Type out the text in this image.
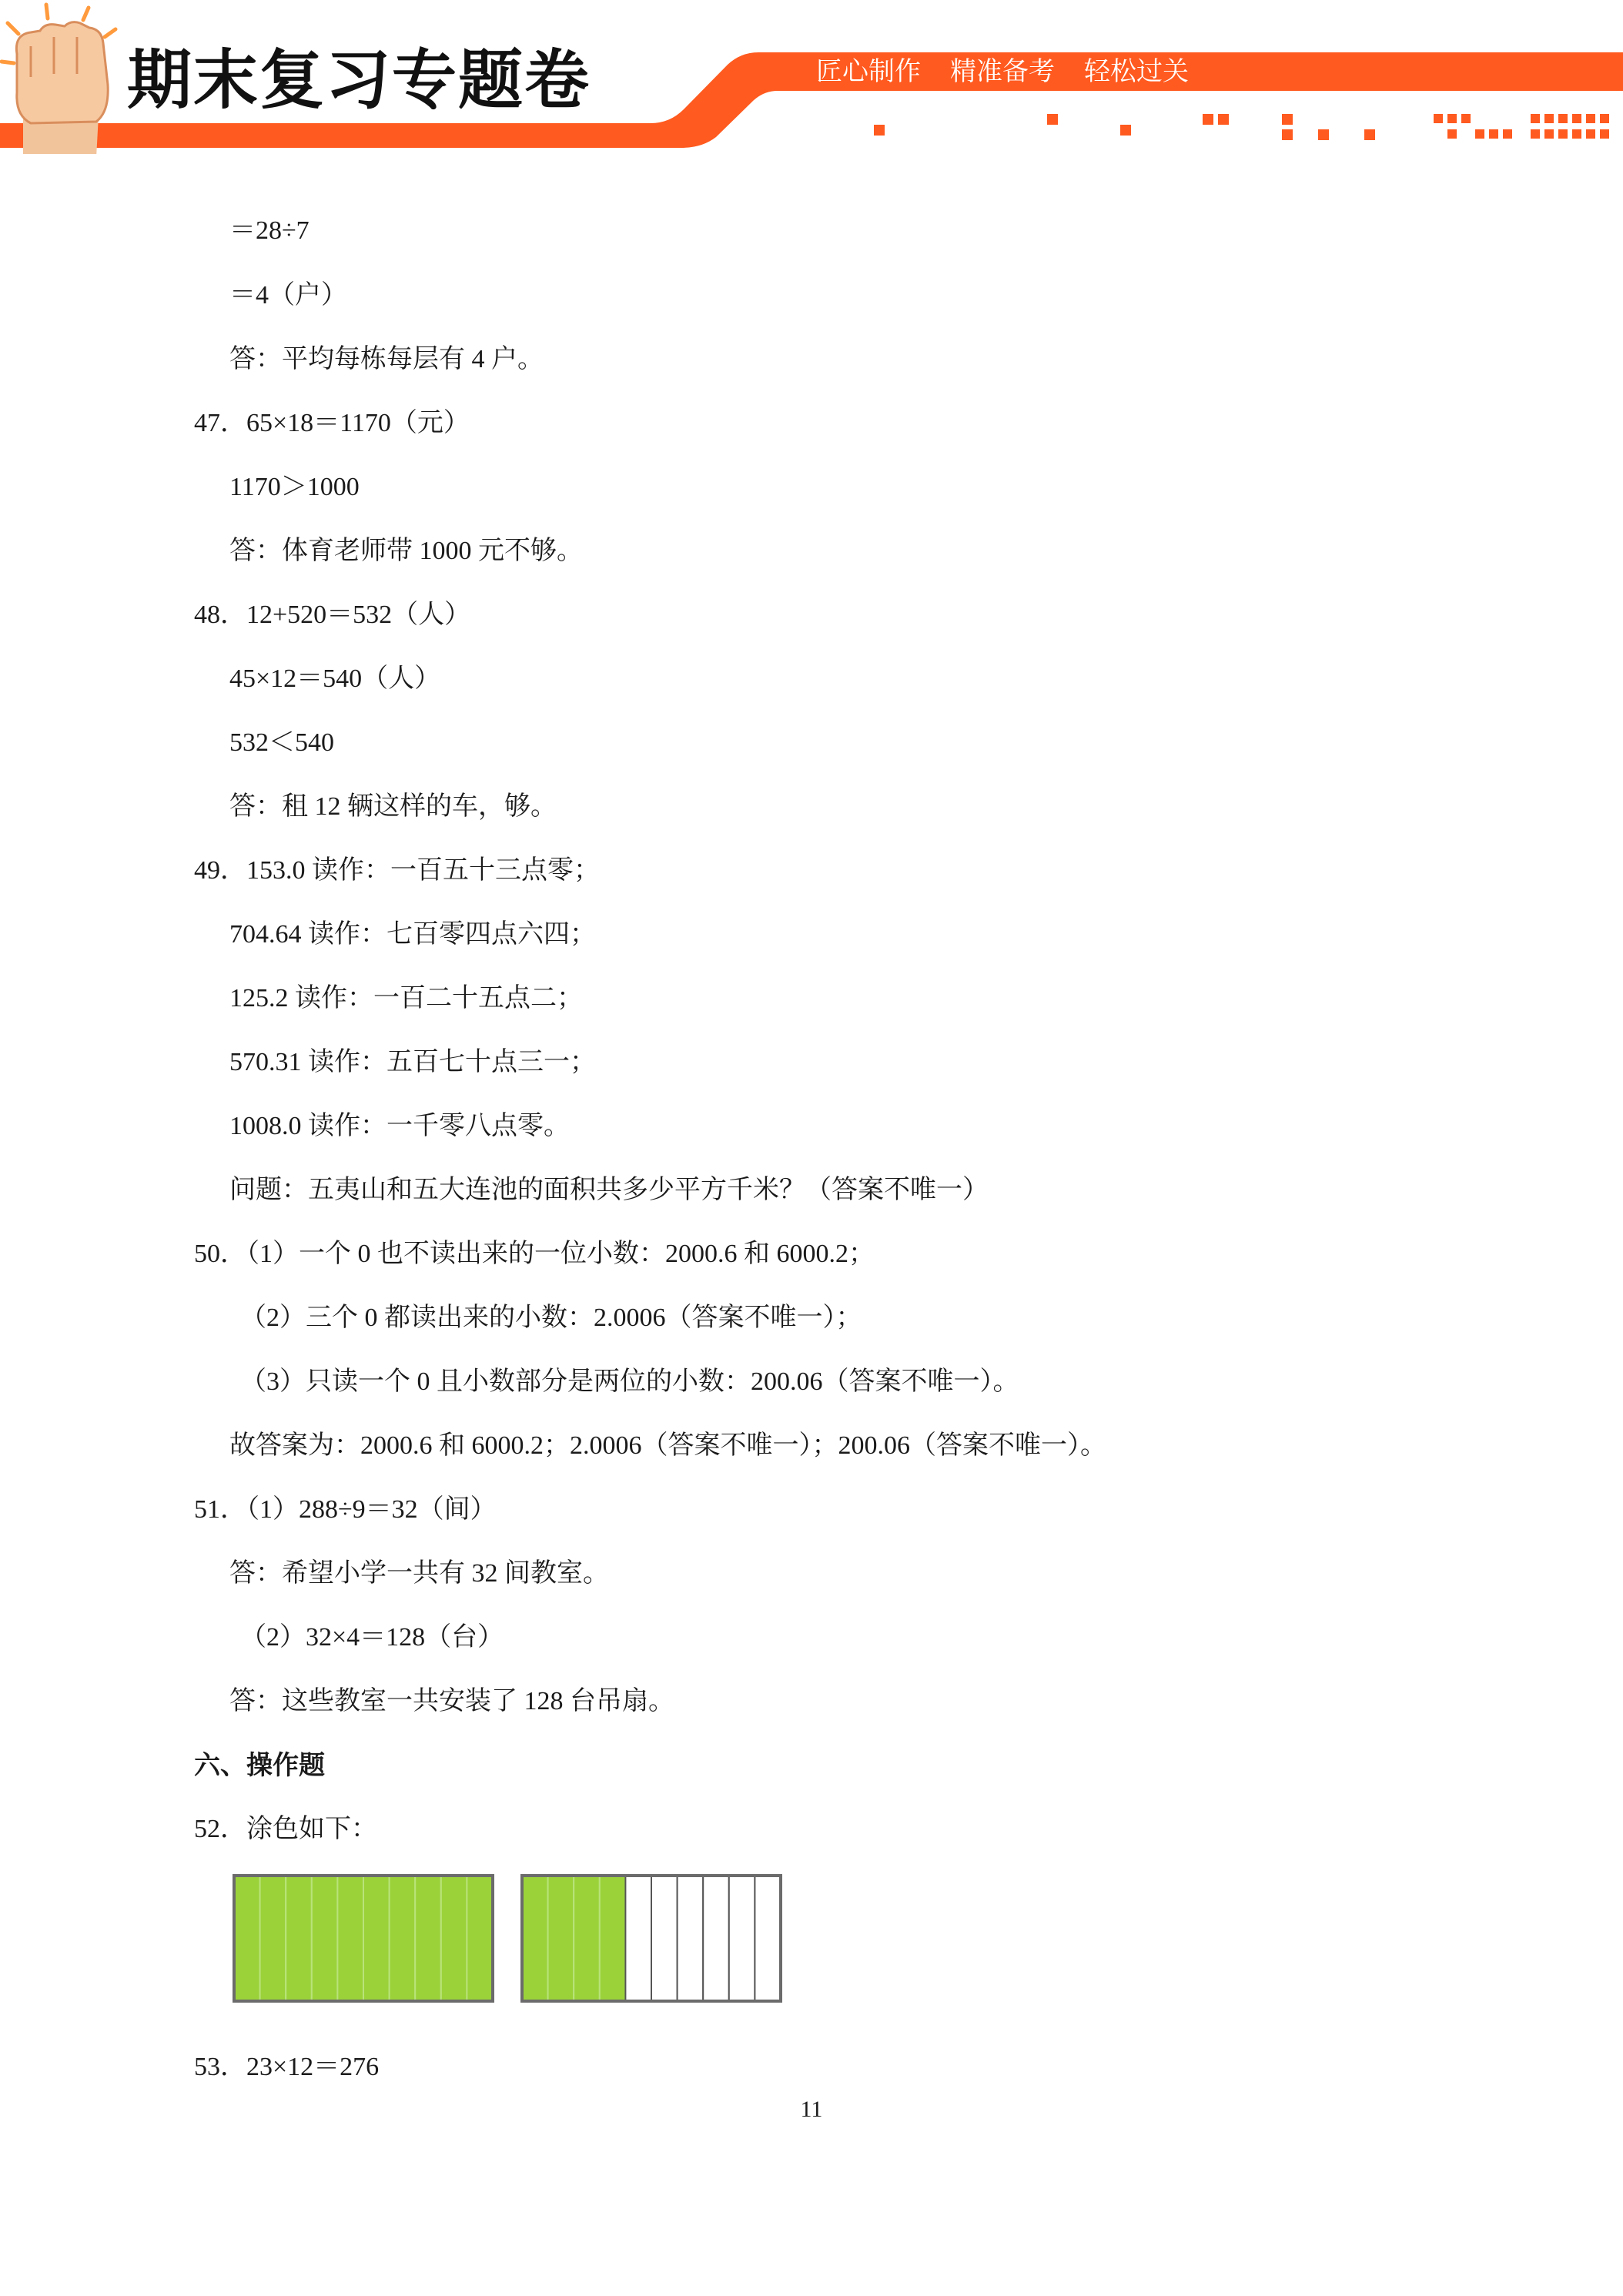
期末复习专题卷	匠心制作 精准备考 轻松过关
＝28÷7
＝4（户）
答：平均每栋每层有 4 户。
47．65×18＝1170（元）
1170＞1000
答：体育老师带 1000 元不够。
48．12+520＝532（人）
45×12＝540（人）
532＜540
答：租 12 辆这样的车，够。
49．153.0 读作：一百五十三点零；
704.64 读作：七百零四点六四；
125.2 读作：一百二十五点二；
570.31 读作：五百七十点三一；
1008.0 读作：一千零八点零。
问题：五夷山和五大连池的面积共多少平方千米？（答案不唯一）
50．（1）一个 0 也不读出来的一位小数：2000.6 和 6000.2；
（2）三个 0 都读出来的小数：2.0006（答案不唯一）；
（3）只读一个 0 且小数部分是两位的小数：200.06（答案不唯一）。
故答案为：2000.6 和 6000.2；2.0006（答案不唯一）；200.06（答案不唯一）。
51．（1）288÷9＝32（间）
答：希望小学一共有 32 间教室。
（2）32×4＝128（台）
答：这些教室一共安装了 128 台吊扇。
六、操作题
52．涂色如下：
53．23×12＝276
11
